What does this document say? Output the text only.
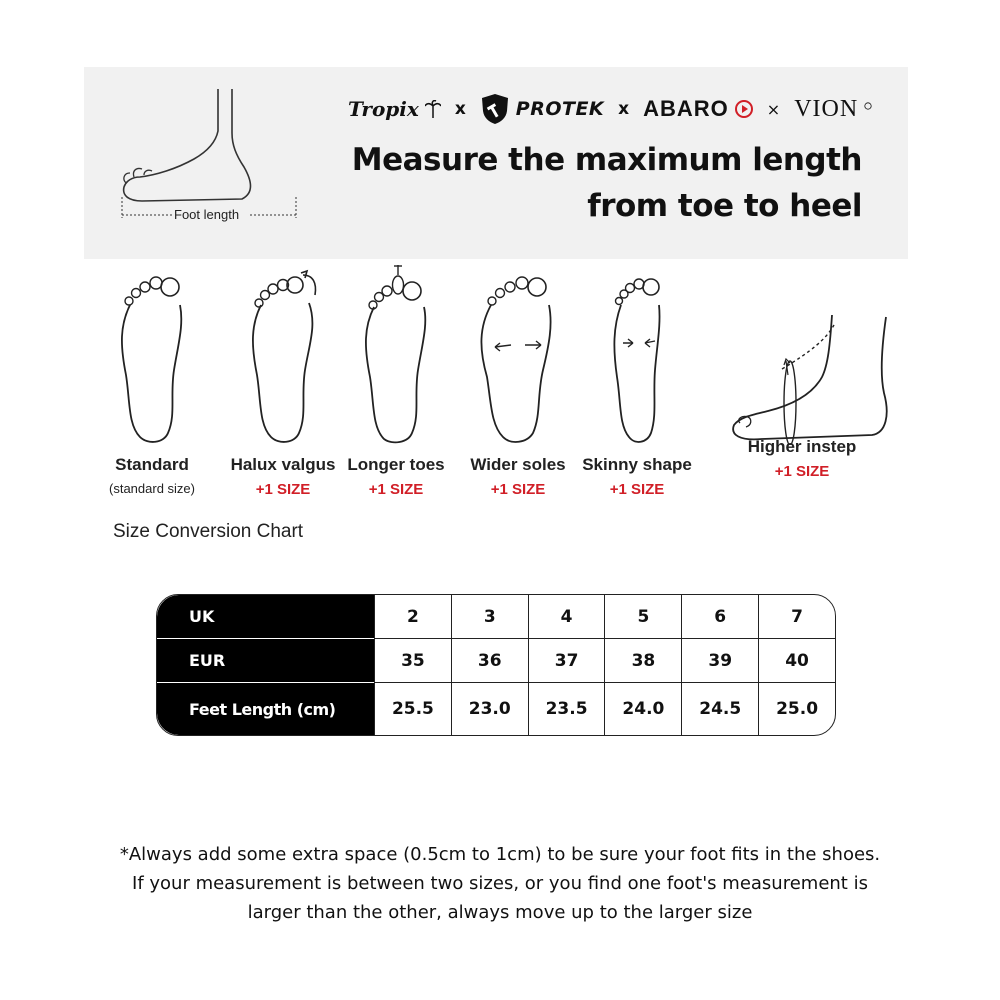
Foot length
Tropix x	PROTEK x ABARO × VION
Measure the maximum length
from toe to heel
Standard
(standard size)
Halux valgus
+1 SIZE
Longer toes
+1 SIZE
Wider soles
+1 SIZE
Skinny shape
+1 SIZE
Higher instep
+1 SIZE
Size Conversion Chart
UK
EUR
Feet Length (cm)
2
35
25.5
3
36
23.0
4
37
23.5
5
38
24.0
6
39
24.5
7
40
25.0
*Always add some extra space (0.5cm to 1cm) to be sure your foot fits in the shoes.
If your measurement is between two sizes, or you find one foot's measurement is
larger than the other, always move up to the larger size
